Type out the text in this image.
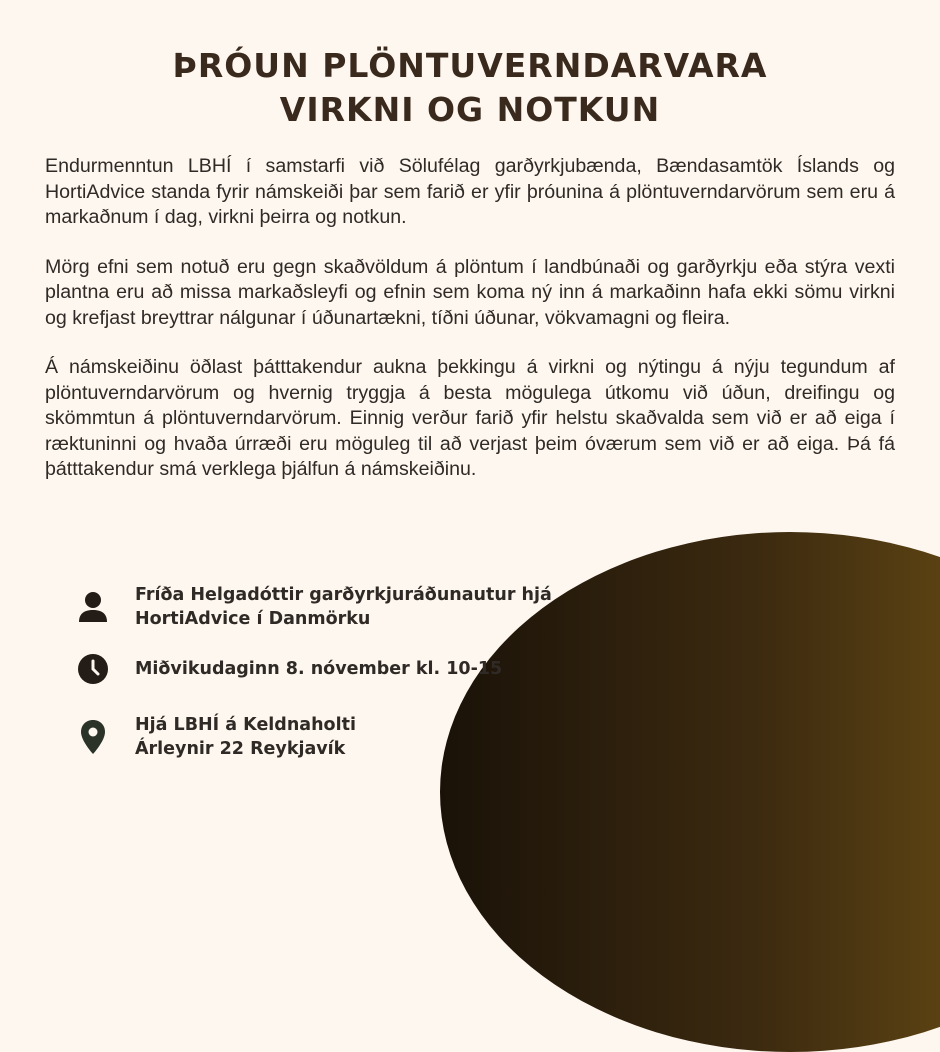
ÞRÓUN PLÖNTUVERNDARVARA
VIRKNI OG NOTKUN

Endurmenntun LBHÍ í samstarfi við Sölufélag garðyrkjubænda, Bændasamtök Íslands og HortiAdvice standa fyrir námskeiði þar sem farið er yfir þróunina á plöntuverndarvörum sem eru á markaðnum í dag, virkni þeirra og notkun.

Mörg efni sem notuð eru gegn skaðvöldum á plöntum í landbúnaði og garðyrkju eða stýra vexti plantna eru að missa markaðsleyfi og efnin sem koma ný inn á markaðinn hafa ekki sömu virkni og krefjast breyttrar nálgunar í úðunartækni, tíðni úðunar, vökvamagni og fleira.

Á námskeiðinu öðlast þátttakendur aukna þekkingu á virkni og nýtingu á nýju tegundum af plöntuverndarvörum og hvernig tryggja á besta mögulega útkomu við úðun, dreifingu og skömmtun á plöntuverndarvörum. Einnig verður farið yfir helstu skaðvalda sem við er að eiga í ræktuninni og hvaða úrræði eru möguleg til að verjast þeim óværum sem við er að eiga. Þá fá þátttakendur smá verklega þjálfun á námskeiðinu.

Fríða Helgadóttir garðyrkjuráðunautur hjá
HortiAdvice í Danmörku
Miðvikudaginn 8. nóvember kl. 10-15
Hjá LBHÍ á Keldnaholti
Árleynir 22 Reykjavík
